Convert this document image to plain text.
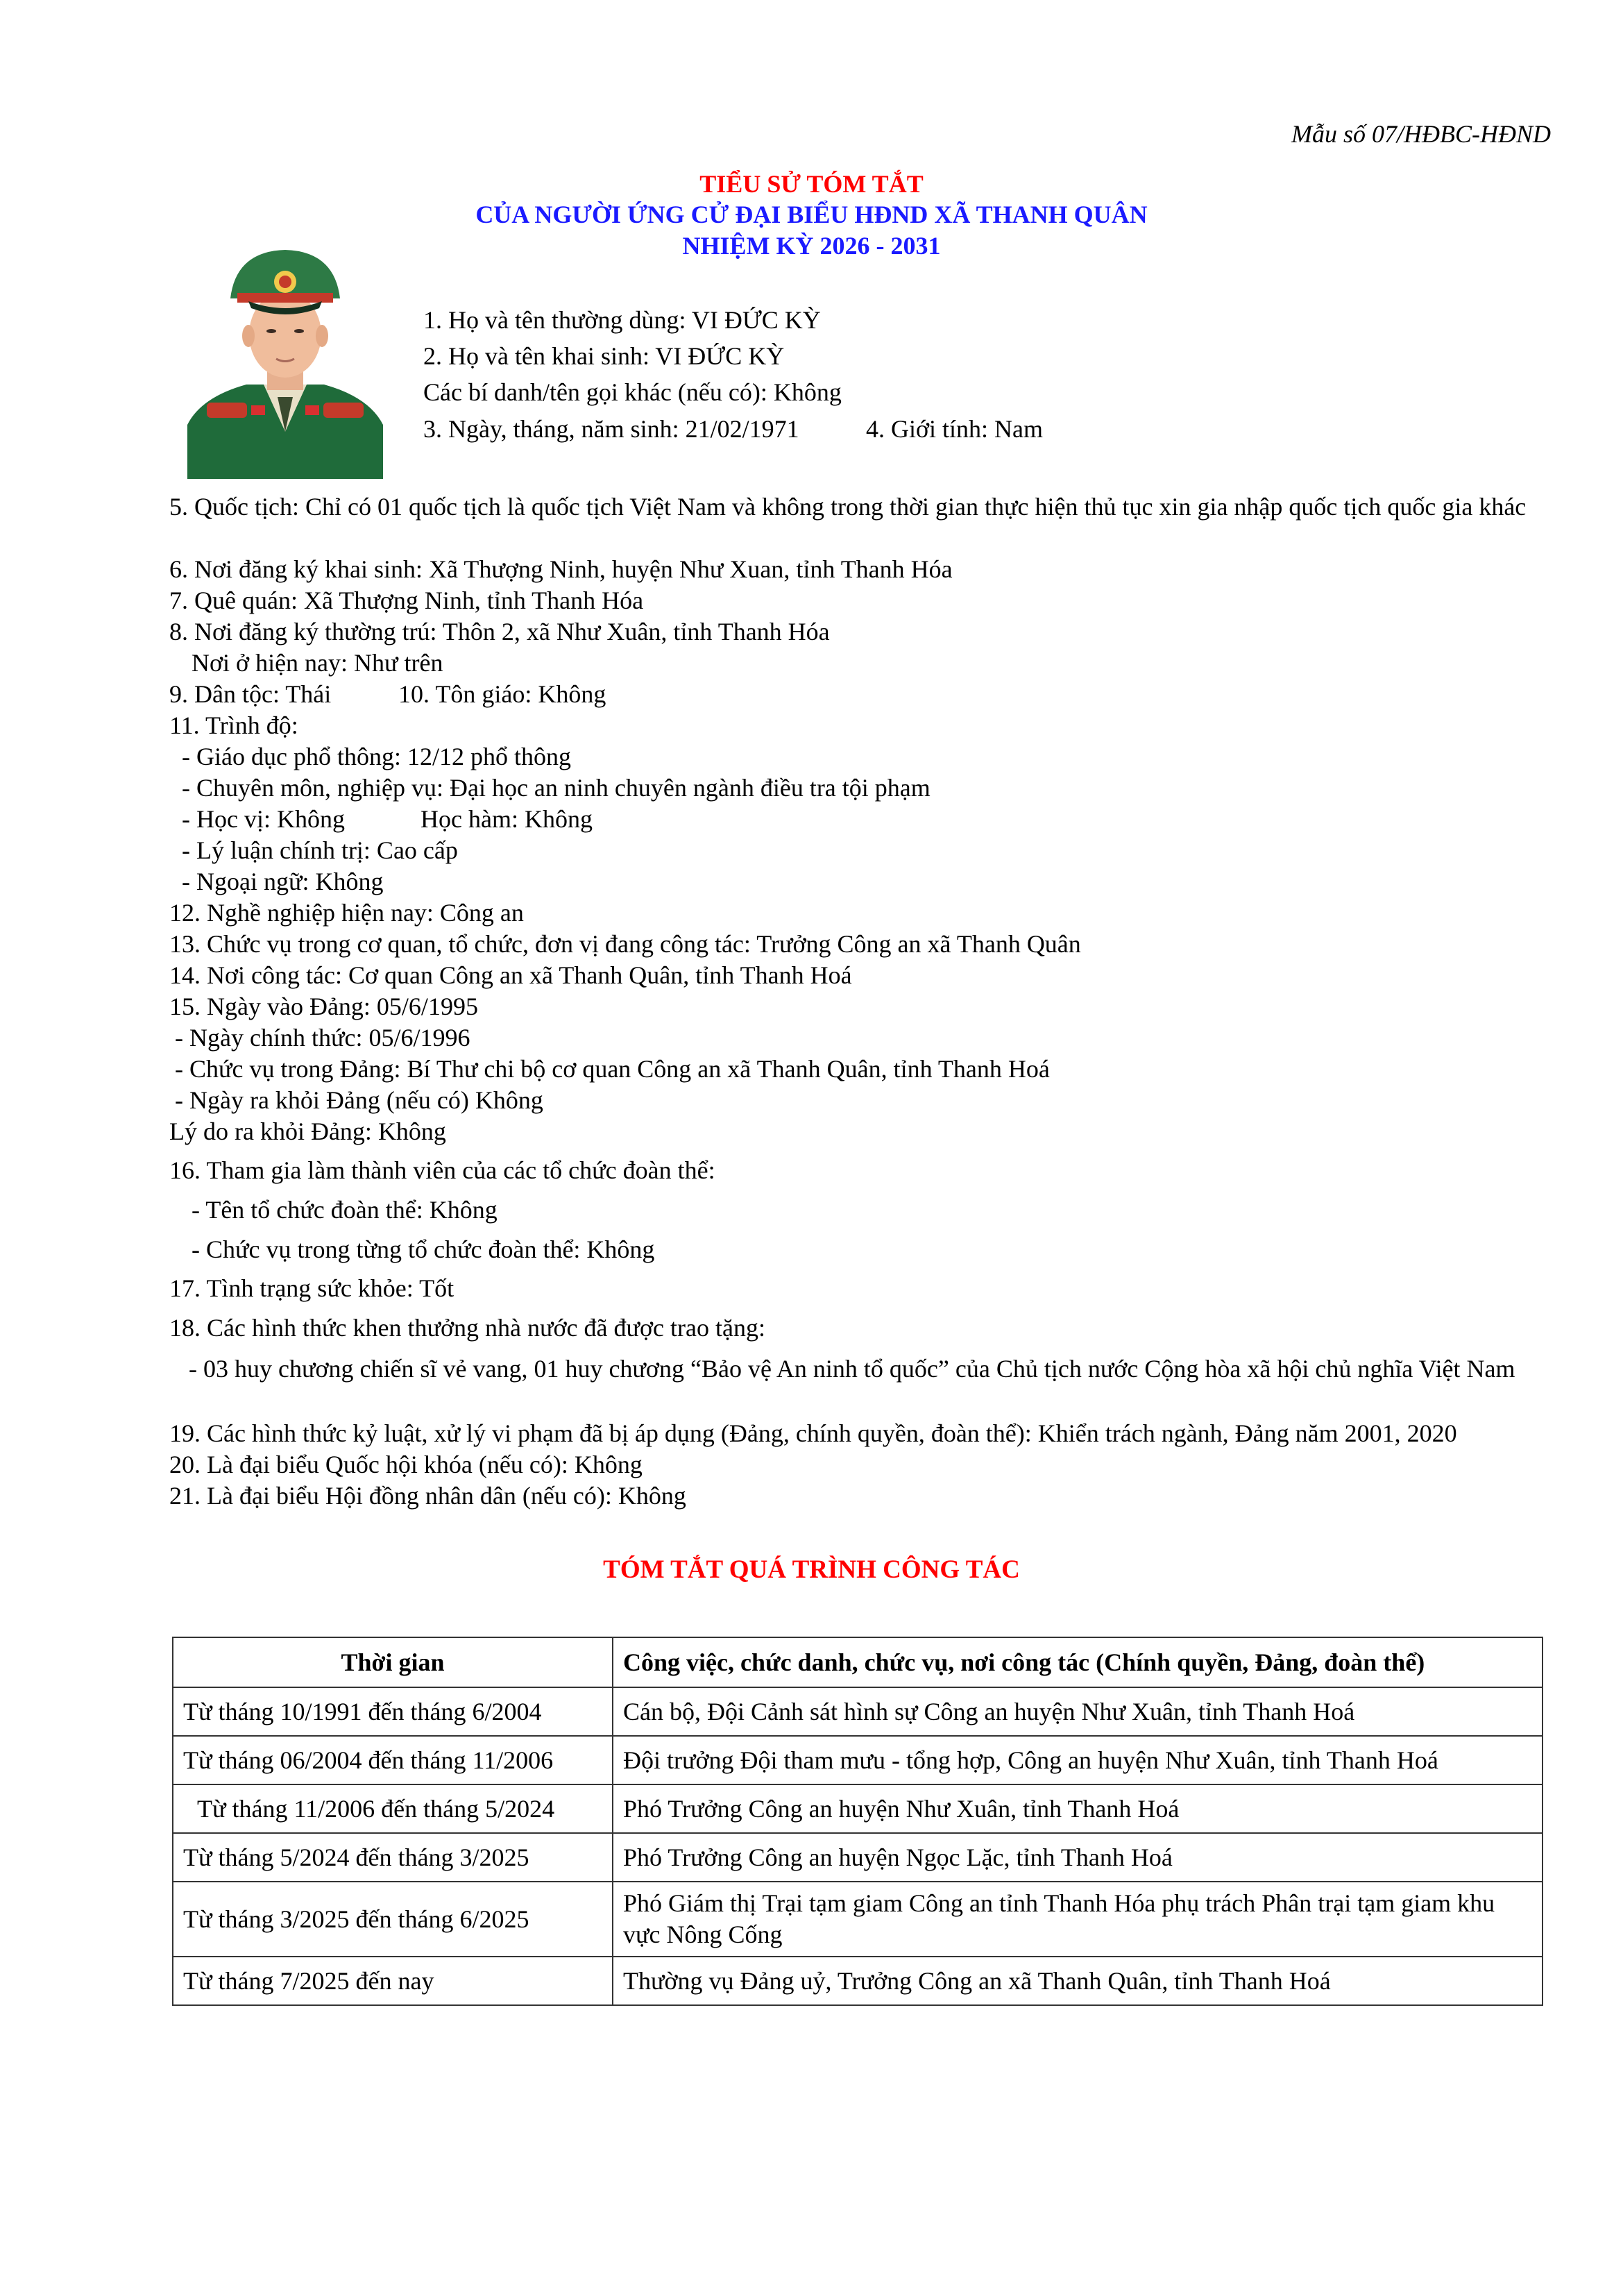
Mẫu số 07/HĐBC-HĐND
TIỂU SỬ TÓM TẮT
CỦA NGƯỜI ỨNG CỬ ĐẠI BIỂU HĐND XÃ THANH QUÂN
NHIỆM KỲ 2026 - 2031
1. Họ và tên thường dùng: VI ĐỨC KỲ
2. Họ và tên khai sinh: VI ĐỨC KỲ
Các bí danh/tên gọi khác (nếu có): Không
3. Ngày, tháng, năm sinh: 21/02/1971	4. Giới tính: Nam
5. Quốc tịch: Chỉ có 01 quốc tịch là quốc tịch Việt Nam và không trong thời gian thực hiện thủ tục xin gia nhập quốc tịch quốc gia khác
6. Nơi đăng ký khai sinh: Xã Thượng Ninh, huyện Như Xuan, tỉnh Thanh Hóa
7. Quê quán: Xã Thượng Ninh, tỉnh Thanh Hóa
8. Nơi đăng ký thường trú: Thôn 2, xã Như Xuân, tỉnh Thanh Hóa
Nơi ở hiện nay: Như trên
9. Dân tộc: Thái	10. Tôn giáo: Không
11. Trình độ:
- Giáo dục phổ thông: 12/12 phổ thông
- Chuyên môn, nghiệp vụ: Đại học an ninh chuyên ngành điều tra tội phạm
- Học vị: Không	Học hàm: Không
- Lý luận chính trị: Cao cấp
- Ngoại ngữ: Không
12. Nghề nghiệp hiện nay: Công an
13. Chức vụ trong cơ quan, tổ chức, đơn vị đang công tác: Trưởng Công an xã Thanh Quân
14. Nơi công tác: Cơ quan Công an xã Thanh Quân, tỉnh Thanh Hoá
15. Ngày vào Đảng: 05/6/1995
- Ngày chính thức: 05/6/1996
- Chức vụ trong Đảng: Bí Thư chi bộ cơ quan Công an xã Thanh Quân, tỉnh Thanh Hoá
- Ngày ra khỏi Đảng (nếu có) Không
Lý do ra khỏi Đảng: Không
16. Tham gia làm thành viên của các tổ chức đoàn thể:
- Tên tổ chức đoàn thể: Không
- Chức vụ trong từng tổ chức đoàn thể: Không
17. Tình trạng sức khỏe: Tốt
18. Các hình thức khen thưởng nhà nước đã được trao tặng:
- 03 huy chương chiến sĩ vẻ vang, 01 huy chương “Bảo vệ An ninh tổ quốc” của Chủ tịch nước Cộng hòa xã hội chủ nghĩa Việt Nam
19. Các hình thức kỷ luật, xử lý vi phạm đã bị áp dụng (Đảng, chính quyền, đoàn thể): Khiển trách ngành, Đảng năm 2001, 2020
20. Là đại biểu Quốc hội khóa (nếu có): Không
21. Là đại biểu Hội đồng nhân dân (nếu có): Không
TÓM TẮT QUÁ TRÌNH CÔNG TÁC
Thời gian	Công việc, chức danh, chức vụ, nơi công tác (Chính quyền, Đảng, đoàn thể)
Từ tháng 10/1991 đến tháng 6/2004	Cán bộ, Đội Cảnh sát hình sự Công an huyện Như Xuân, tỉnh Thanh Hoá
Từ tháng 06/2004 đến tháng 11/2006	Đội trưởng Đội tham mưu - tổng hợp, Công an huyện Như Xuân, tỉnh Thanh Hoá
Từ tháng 11/2006 đến tháng 5/2024	Phó Trưởng Công an huyện Như Xuân, tỉnh Thanh Hoá
Từ tháng 5/2024 đến tháng 3/2025	Phó Trưởng Công an huyện Ngọc Lặc, tỉnh Thanh Hoá
Từ tháng 3/2025 đến tháng 6/2025	Phó Giám thị Trại tạm giam Công an tỉnh Thanh Hóa phụ trách Phân trại tạm giam khu vực Nông Cống
Từ tháng 7/2025 đến nay	Thường vụ Đảng uỷ, Trưởng Công an xã Thanh Quân, tỉnh Thanh Hoá
